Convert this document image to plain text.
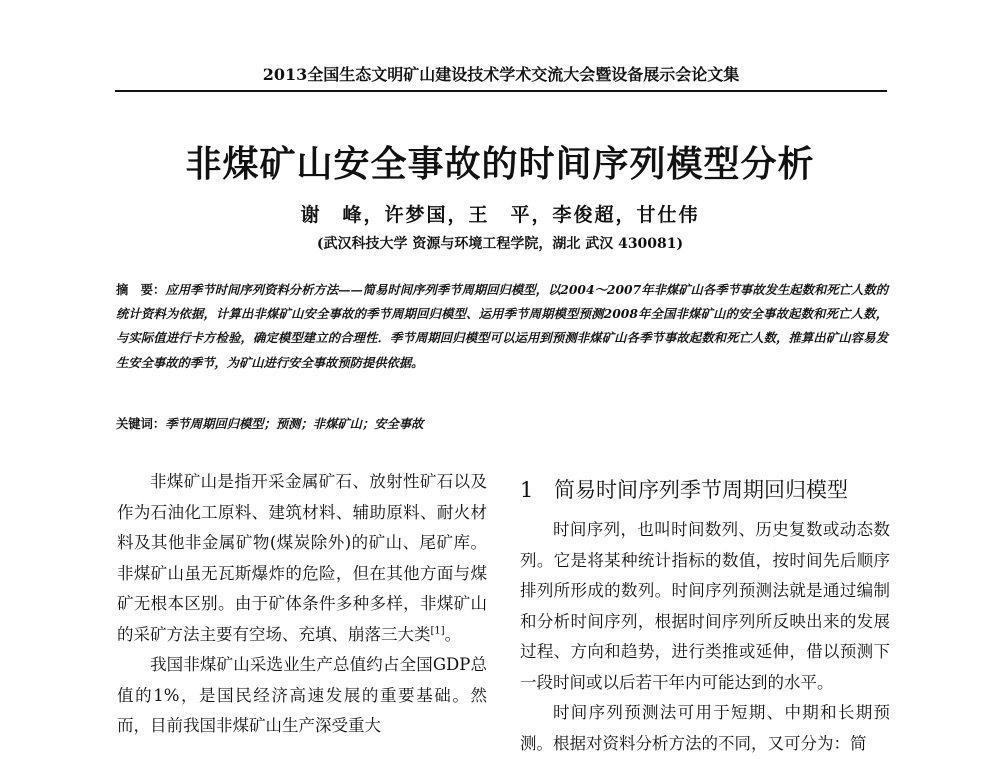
2013全国生态文明矿山建设技术学术交流大会暨设备展示会论文集
非煤矿山安全事故的时间序列模型分析
谢　峰，许梦国，王　平，李俊超，甘仕伟
(武汉科技大学 资源与环境工程学院，湖北 武汉 430081)
摘　要：应用季节时间序列资料分析方法——简易时间序列季节周期回归模型，以2004～2007年非煤矿山各季节事故发生起数和死亡人数的统计资料为依据，计算出非煤矿山安全事故的季节周期回归模型、运用季节周期模型预测2008年全国非煤矿山的安全事故起数和死亡人数，与实际值进行卡方检验，确定模型建立的合理性．季节周期回归模型可以运用到预测非煤矿山各季节事故起数和死亡人数，推算出矿山容易发生安全事故的季节，为矿山进行安全事故预防提供依据。
关键词：季节周期回归模型；预测；非煤矿山；安全事故

非煤矿山是指开采金属矿石、放射性矿石以及作为石油化工原料、建筑材料、辅助原料、耐火材料及其他非金属矿物(煤炭除外)的矿山、尾矿库。非煤矿山虽无瓦斯爆炸的危险，但在其他方面与煤矿无根本区别。由于矿体条件多种多样，非煤矿山的采矿方法主要有空场、充填、崩落三大类[1]。

我国非煤矿山采选业生产总值约占全国GDP总值的1%，是国民经济高速发展的重要基础。然而，目前我国非煤矿山生产深受重大

1 简易时间序列季节周期回归模型

时间序列，也叫时间数列、历史复数或动态数列。它是将某种统计指标的数值，按时间先后顺序排列所形成的数列。时间序列预测法就是通过编制和分析时间序列，根据时间序列所反映出来的发展过程、方向和趋势，进行类推或延伸，借以预测下一段时间或以后若干年内可能达到的水平。

时间序列预测法可用于短期、中期和长期预测。根据对资料分析方法的不同，又可分为：简
